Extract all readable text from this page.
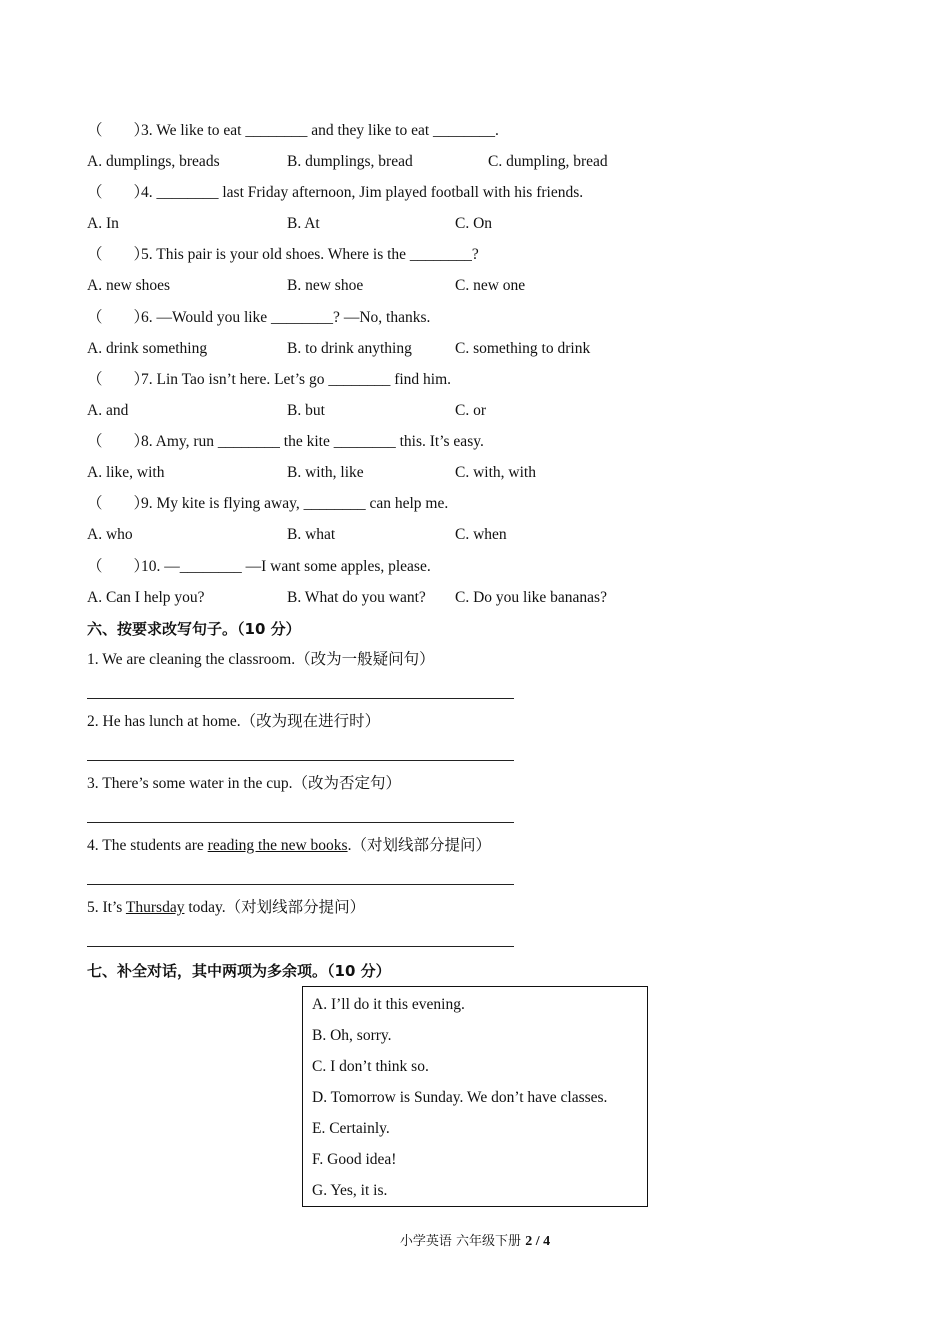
（　　）3. We like to eat ________ and they like to eat ________.
A. dumplings, breads	B. dumplings, bread	C. dumpling, bread
（　　）4. ________ last Friday afternoon, Jim played football with his friends.
A. In	B. At	C. On
（　　）5. This pair is your old shoes. Where is the ________?
A. new shoes	B. new shoe	C. new one
（　　）6. —Would you like ________? —No, thanks.
A. drink something	B. to drink anything	C. something to drink
（　　）7. Lin Tao isn’t here. Let’s go ________ find him.
A. and	B. but	C. or
（　　）8. Amy, run ________ the kite ________ this. It’s easy.
A. like, with	B. with, like	C. with, with
（　　）9. My kite is flying away, ________ can help me.
A. who	B. what	C. when
（　　）10. —________ —I want some apples, please.
A. Can I help you?	B. What do you want? C. Do you like bananas?
六、按要求改写句子。（10 分）
1. We are cleaning the classroom.（改为一般疑问句）
2. He has lunch at home.（改为现在进行时）
3. There’s some water in the cup.（改为否定句）
4. The students are reading the new books.（对划线部分提问）
5. It’s Thursday today.（对划线部分提问）
七、补全对话，其中两项为多余项。（10 分）
A. I’ll do it this evening.
B. Oh, sorry.
C. I don’t think so.
D. Tomorrow is Sunday. We don’t have classes.
E. Certainly.
F. Good idea!
G. Yes, it is.
小学英语 六年级下册 2 / 4
